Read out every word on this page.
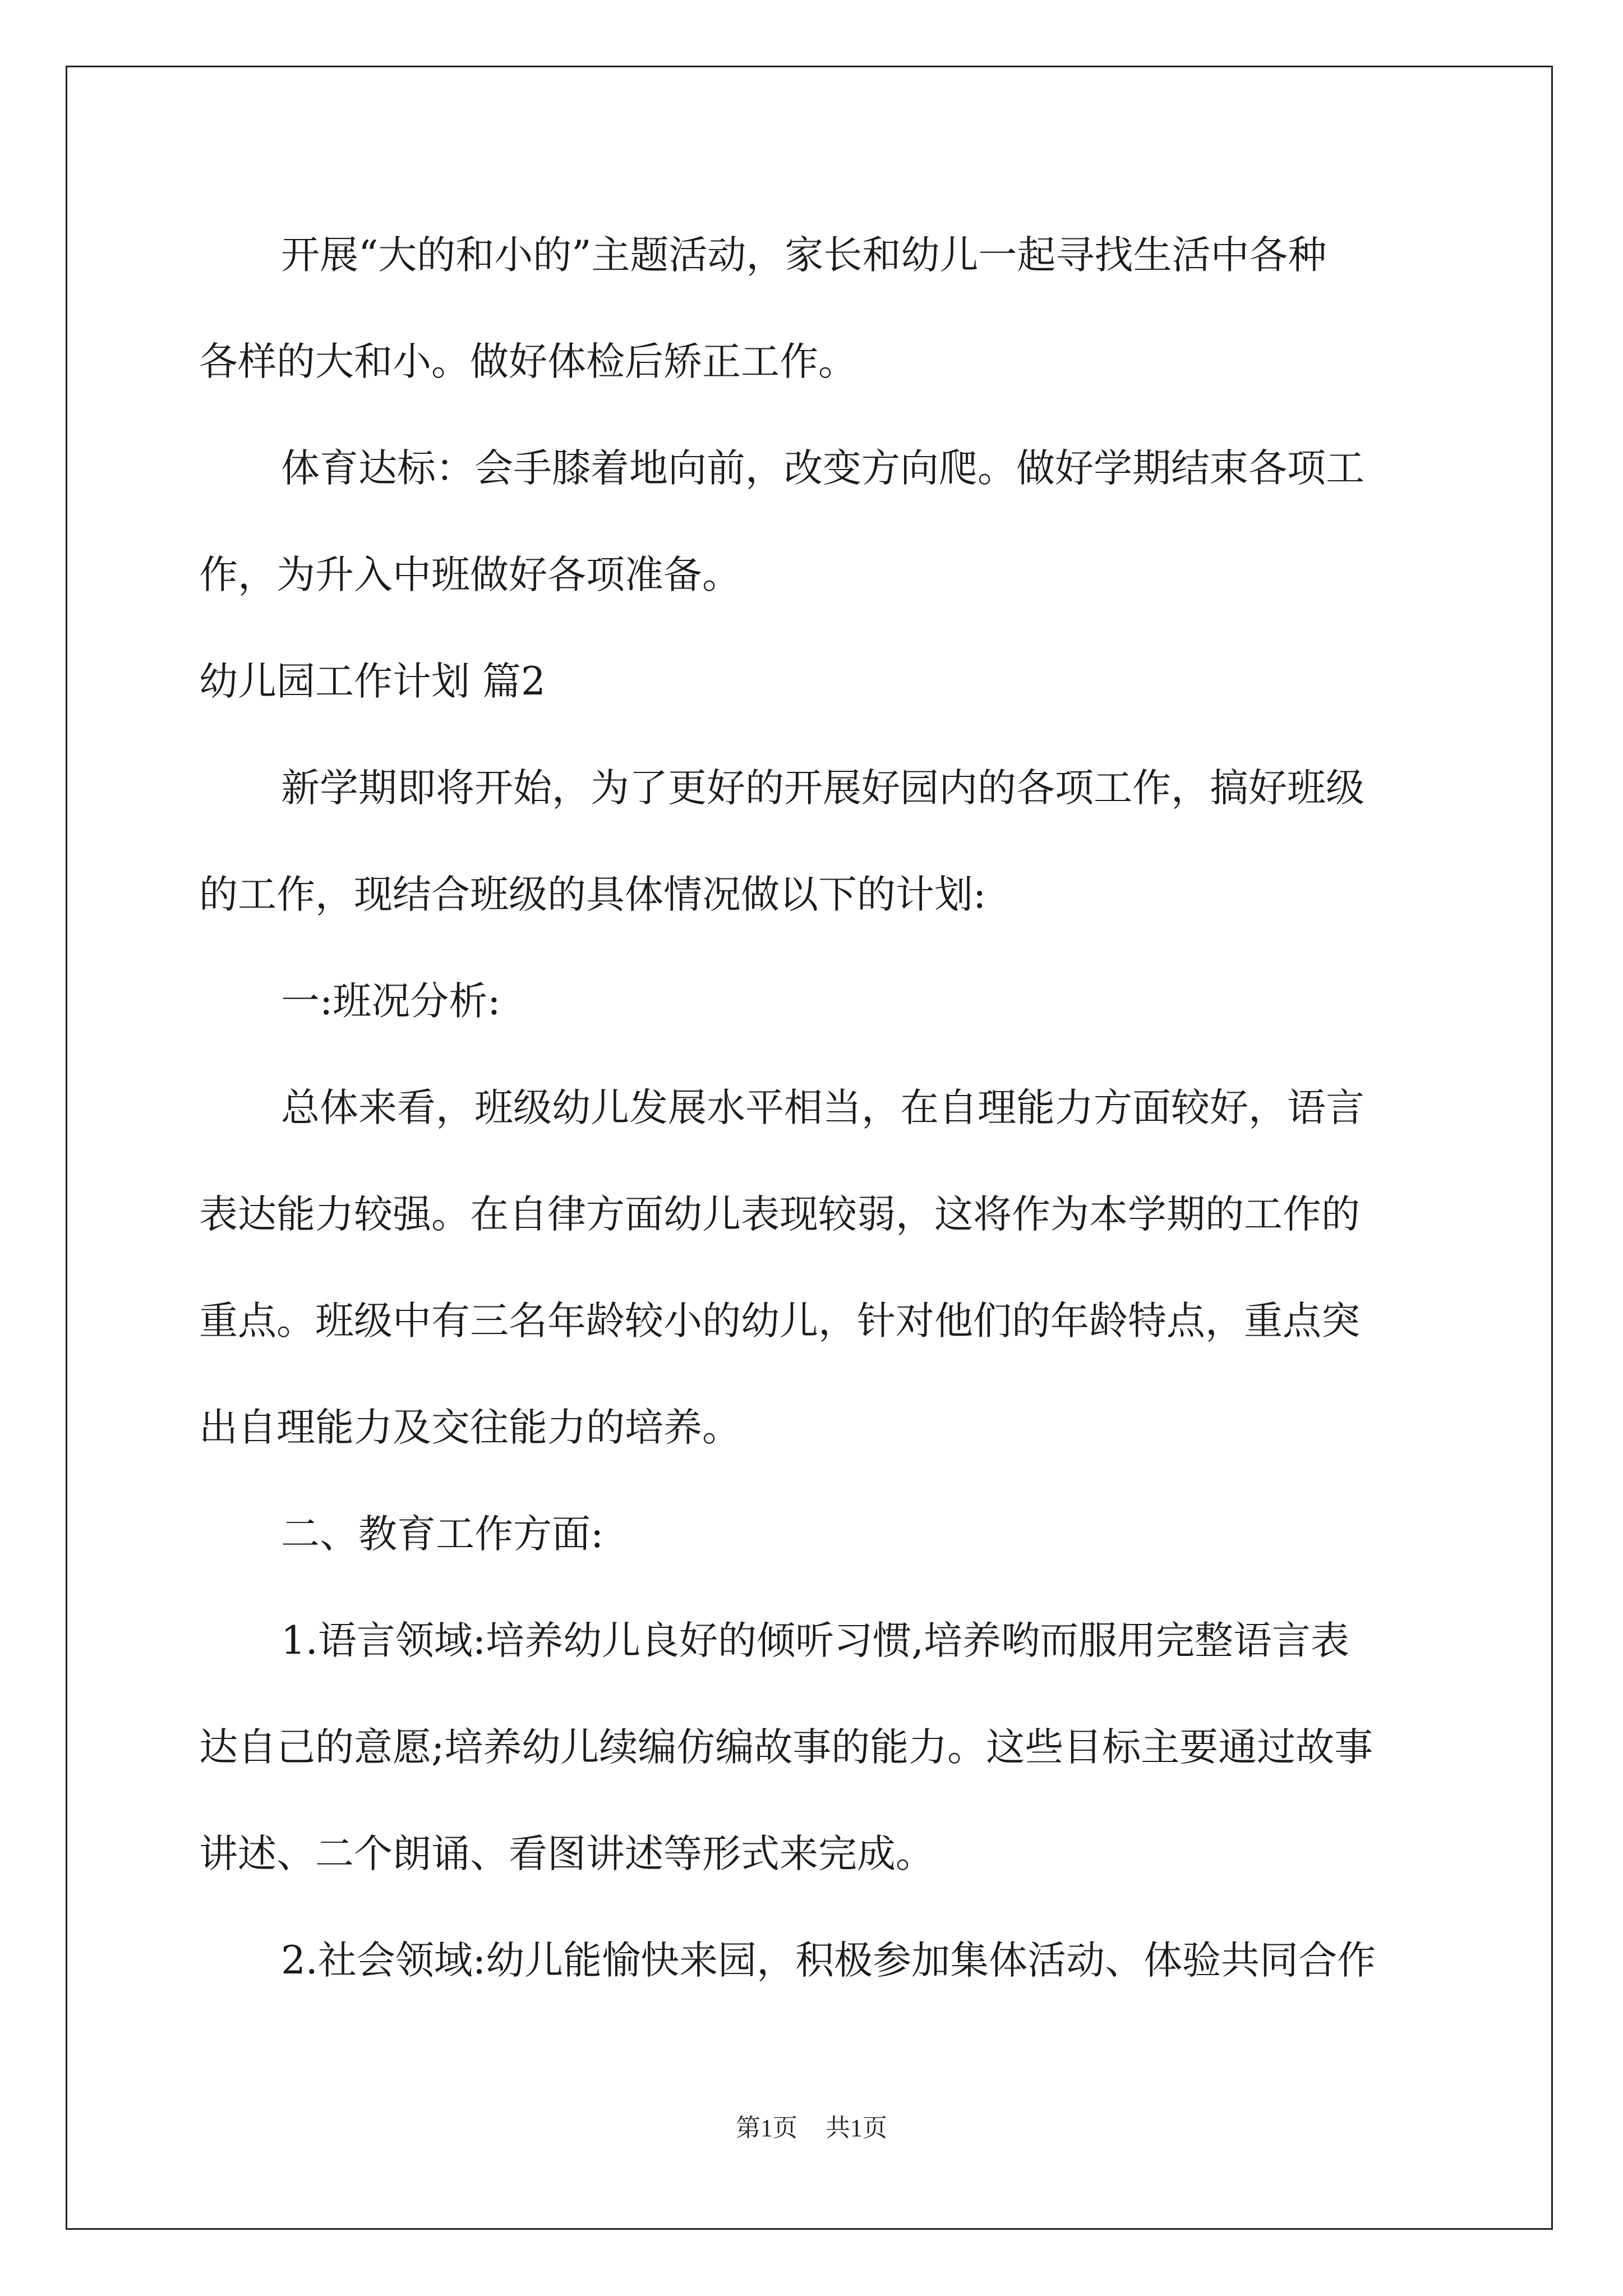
开展“大的和小的”主题活动，家长和幼儿一起寻找生活中各种
各样的大和小。做好体检后矫正工作。
体育达标：会手膝着地向前，改变方向爬。做好学期结束各项工
作，为升入中班做好各项准备。
幼儿园工作计划 篇2
新学期即将开始，为了更好的开展好园内的各项工作，搞好班级
的工作，现结合班级的具体情况做以下的计划:
一:班况分析:
总体来看，班级幼儿发展水平相当，在自理能力方面较好，语言
表达能力较强。在自律方面幼儿表现较弱，这将作为本学期的工作的
重点。班级中有三名年龄较小的幼儿，针对他们的年龄特点，重点突
出自理能力及交往能力的培养。
二、教育工作方面:
1.语言领域:培养幼儿良好的倾听习惯,培养哟而服用完整语言表
达自己的意愿;培养幼儿续编仿编故事的能力。这些目标主要通过故事
讲述、二个朗诵、看图讲述等形式来完成。
2.社会领域:幼儿能愉快来园，积极参加集体活动、体验共同合作
第1页 共1页
